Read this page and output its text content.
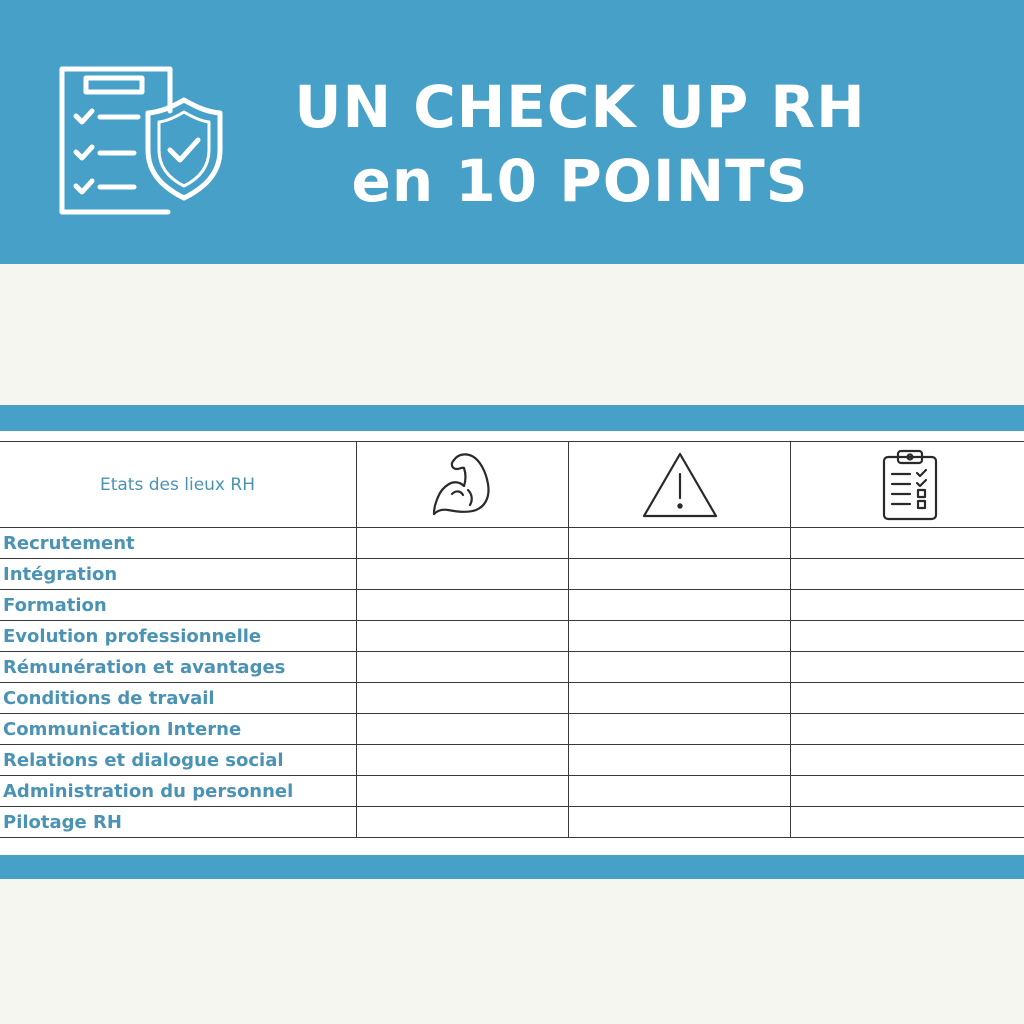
UN CHECK UP RH
en 10 POINTS
Etats des lieux RH	

Recrutement			
Intégration			
Formation			
Evolution professionnelle			
Rémunération et avantages			
Conditions de travail			
Communication Interne			
Relations et dialogue social			
Administration du personnel			
Pilotage RH			
